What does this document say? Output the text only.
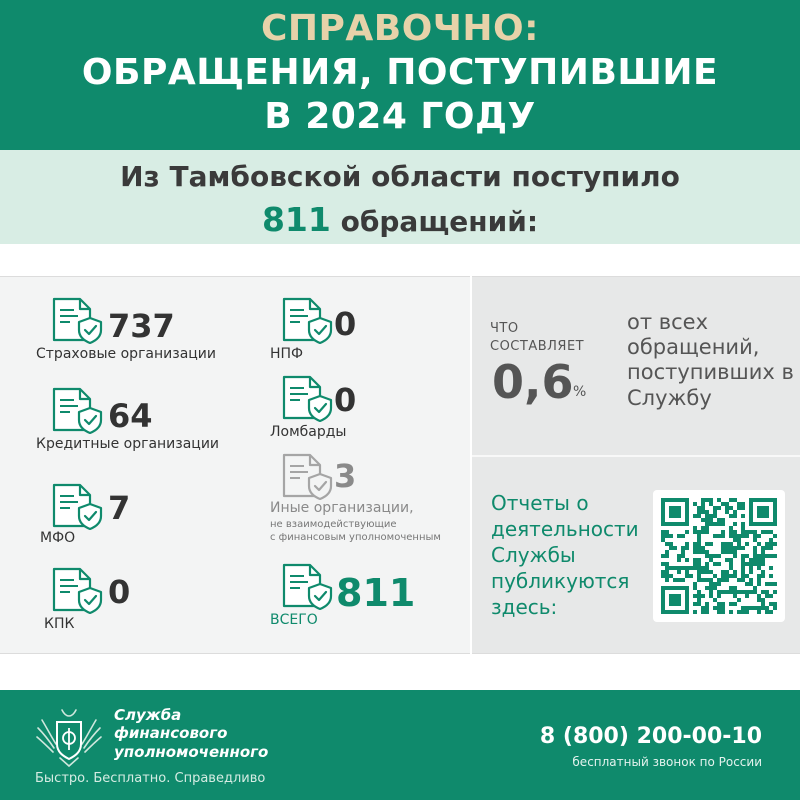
СПРАВОЧНО:
ОБРАЩЕНИЯ, ПОСТУПИВШИЕ
В 2024 ГОДУ
Из Тамбовской области поступило
811 обращений:
737
Страховые организации
64
Кредитные организации
7
МФО
0
КПК
0
НПФ
0
Ломбарды
3
Иные организации,
не взаимодействующие
с финансовым уполномоченным
811
ВСЕГО
ЧТО
СОСТАВЛЯЕТ
0,6 %
от всех обращений, поступивших в Службу
Отчеты о деятельности Службы публикуются здесь:
Служба
финансового
уполномоченного
Быстро. Бесплатно. Справедливо
8 (800) 200-00-10
бесплатный звонок по России
